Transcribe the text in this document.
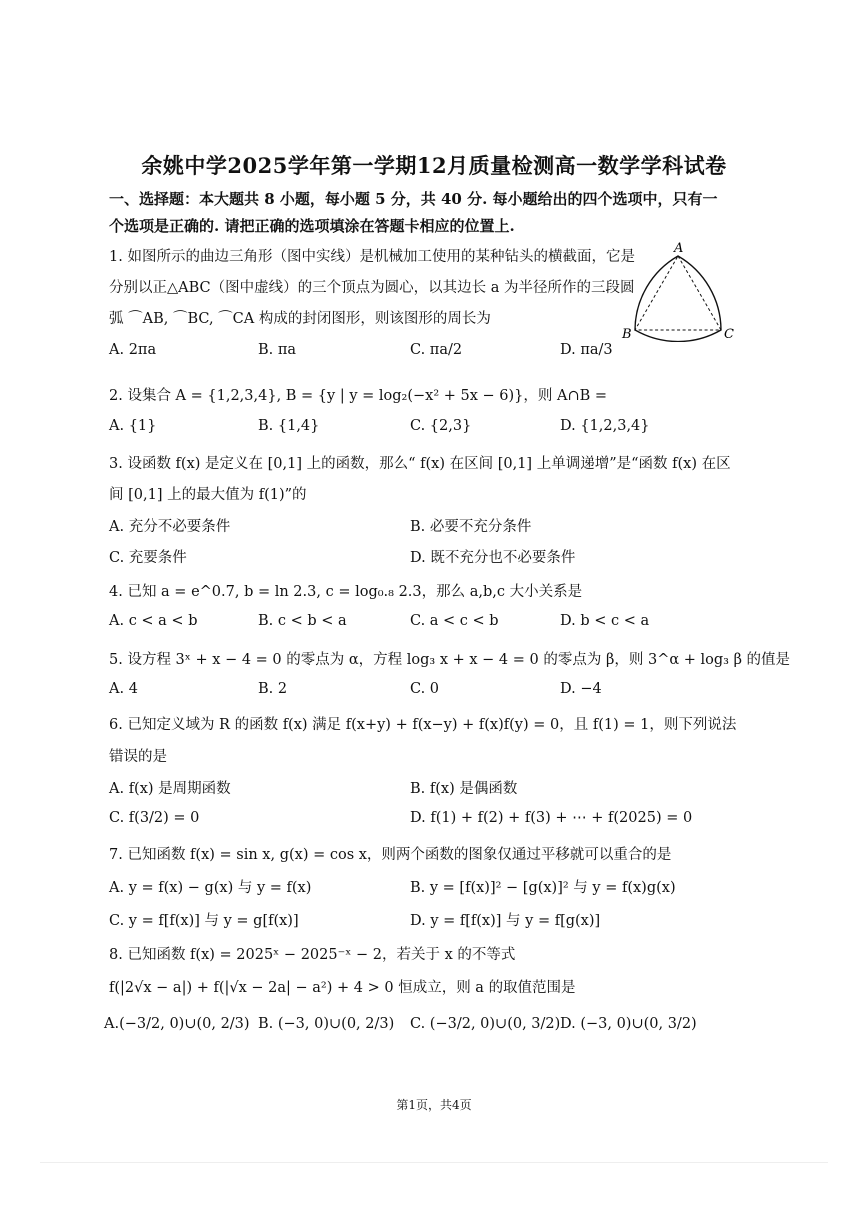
余姚中学2025学年第一学期12月质量检测高一数学学科试卷
一、选择题：本大题共 8 小题，每小题 5 分，共 40 分. 每小题给出的四个选项中，只有一个选项是正确的. 请把正确的选项填涂在答题卡相应的位置上.
1. 如图所示的曲边三角形（图中实线）是机械加工使用的某种钻头的横截面，它是
分别以正△ABC（图中虚线）的三个顶点为圆心，以其边长 a 为半径所作的三段圆
弧 ⌒AB, ⌒BC, ⌒CA 构成的封闭图形，则该图形的周长为
A. 2πa	B. πa	C. πa/2	D. πa/3
A
B	C
2. 设集合 A = {1,2,3,4}, B = {y | y = log₂(−x² + 5x − 6)}，则 A∩B =
A. {1}	B. {1,4}	C. {2,3}	D. {1,2,3,4}
3. 设函数 f(x) 是定义在 [0,1] 上的函数，那么“ f(x) 在区间 [0,1] 上单调递增”是“函数 f(x) 在区
间 [0,1] 上的最大值为 f(1)”的
A. 充分不必要条件	B. 必要不充分条件
C. 充要条件	D. 既不充分也不必要条件
4. 已知 a = e^0.7, b = ln 2.3, c = log₀.₈ 2.3，那么 a,b,c 大小关系是
A. c < a < b	B. c < b < a	C. a < c < b	D. b < c < a
5. 设方程 3ˣ + x − 4 = 0 的零点为 α，方程 log₃ x + x − 4 = 0 的零点为 β，则 3^α + log₃ β 的值是
A. 4	B. 2	C. 0	D. −4
6. 已知定义域为 R 的函数 f(x) 满足 f(x+y) + f(x−y) + f(x)f(y) = 0，且 f(1) = 1，则下列说法
错误的是
A. f(x) 是周期函数	B. f(x) 是偶函数
C. f(3/2) = 0	D. f(1) + f(2) + f(3) + ⋯ + f(2025) = 0
7. 已知函数 f(x) = sin x, g(x) = cos x，则两个函数的图象仅通过平移就可以重合的是
A. y = f(x) − g(x) 与 y = f(x)	B. y = [f(x)]² − [g(x)]² 与 y = f(x)g(x)
C. y = f[f(x)] 与 y = g[f(x)]	D. y = f[f(x)] 与 y = f[g(x)]
8. 已知函数 f(x) = 2025ˣ − 2025⁻ˣ − 2，若关于 x 的不等式
f(|2√x − a|) + f(|√x − 2a| − a²) + 4 > 0 恒成立，则 a 的取值范围是
A.(−3/2, 0)∪(0, 2/3) B. (−3, 0)∪(0, 2/3) C. (−3/2, 0)∪(0, 3/2) D. (−3, 0)∪(0, 3/2)
第1页，共4页
